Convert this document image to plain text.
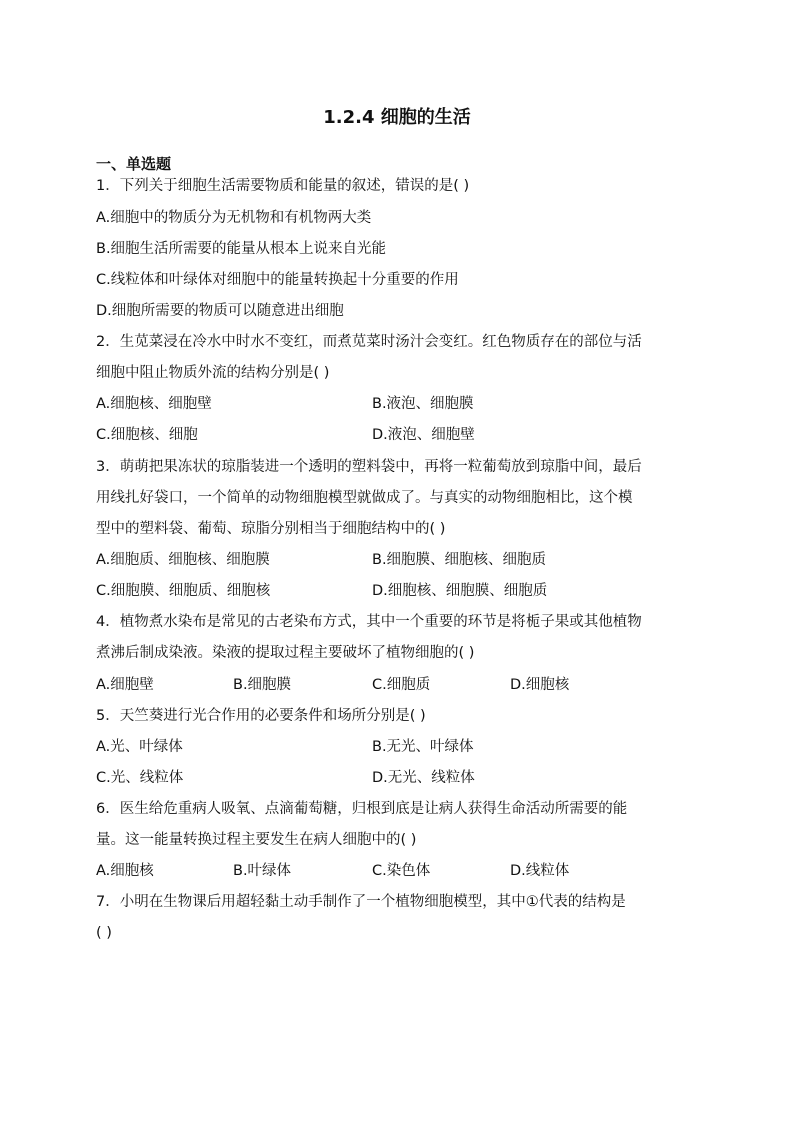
1.2.4 细胞的生活
一、单选题
1．下列关于细胞生活需要物质和能量的叙述，错误的是( )
A.细胞中的物质分为无机物和有机物两大类
B.细胞生活所需要的能量从根本上说来自光能
C.线粒体和叶绿体对细胞中的能量转换起十分重要的作用
D.细胞所需要的物质可以随意进出细胞
2．生苋菜浸在冷水中时水不变红，而煮苋菜时汤汁会变红。红色物质存在的部位与活
细胞中阻止物质外流的结构分别是( )
A.细胞核、细胞壁	B.液泡、细胞膜
C.细胞核、细胞	D.液泡、细胞壁
3．萌萌把果冻状的琼脂装进一个透明的塑料袋中，再将一粒葡萄放到琼脂中间，最后
用线扎好袋口，一个简单的动物细胞模型就做成了。与真实的动物细胞相比，这个模
型中的塑料袋、葡萄、琼脂分别相当于细胞结构中的( )
A.细胞质、细胞核、细胞膜	B.细胞膜、细胞核、细胞质
C.细胞膜、细胞质、细胞核	D.细胞核、细胞膜、细胞质
4．植物煮水染布是常见的古老染布方式，其中一个重要的环节是将栀子果或其他植物
煮沸后制成染液。染液的提取过程主要破坏了植物细胞的( )
A.细胞壁	B.细胞膜	C.细胞质	D.细胞核
5．天竺葵进行光合作用的必要条件和场所分别是( )
A.光、叶绿体	B.无光、叶绿体
C.光、线粒体	D.无光、线粒体
6．医生给危重病人吸氧、点滴葡萄糖，归根到底是让病人获得生命活动所需要的能
量。这一能量转换过程主要发生在病人细胞中的( )
A.细胞核	B.叶绿体	C.染色体	D.线粒体
7．小明在生物课后用超轻黏土动手制作了一个植物细胞模型，其中①代表的结构是
( )
